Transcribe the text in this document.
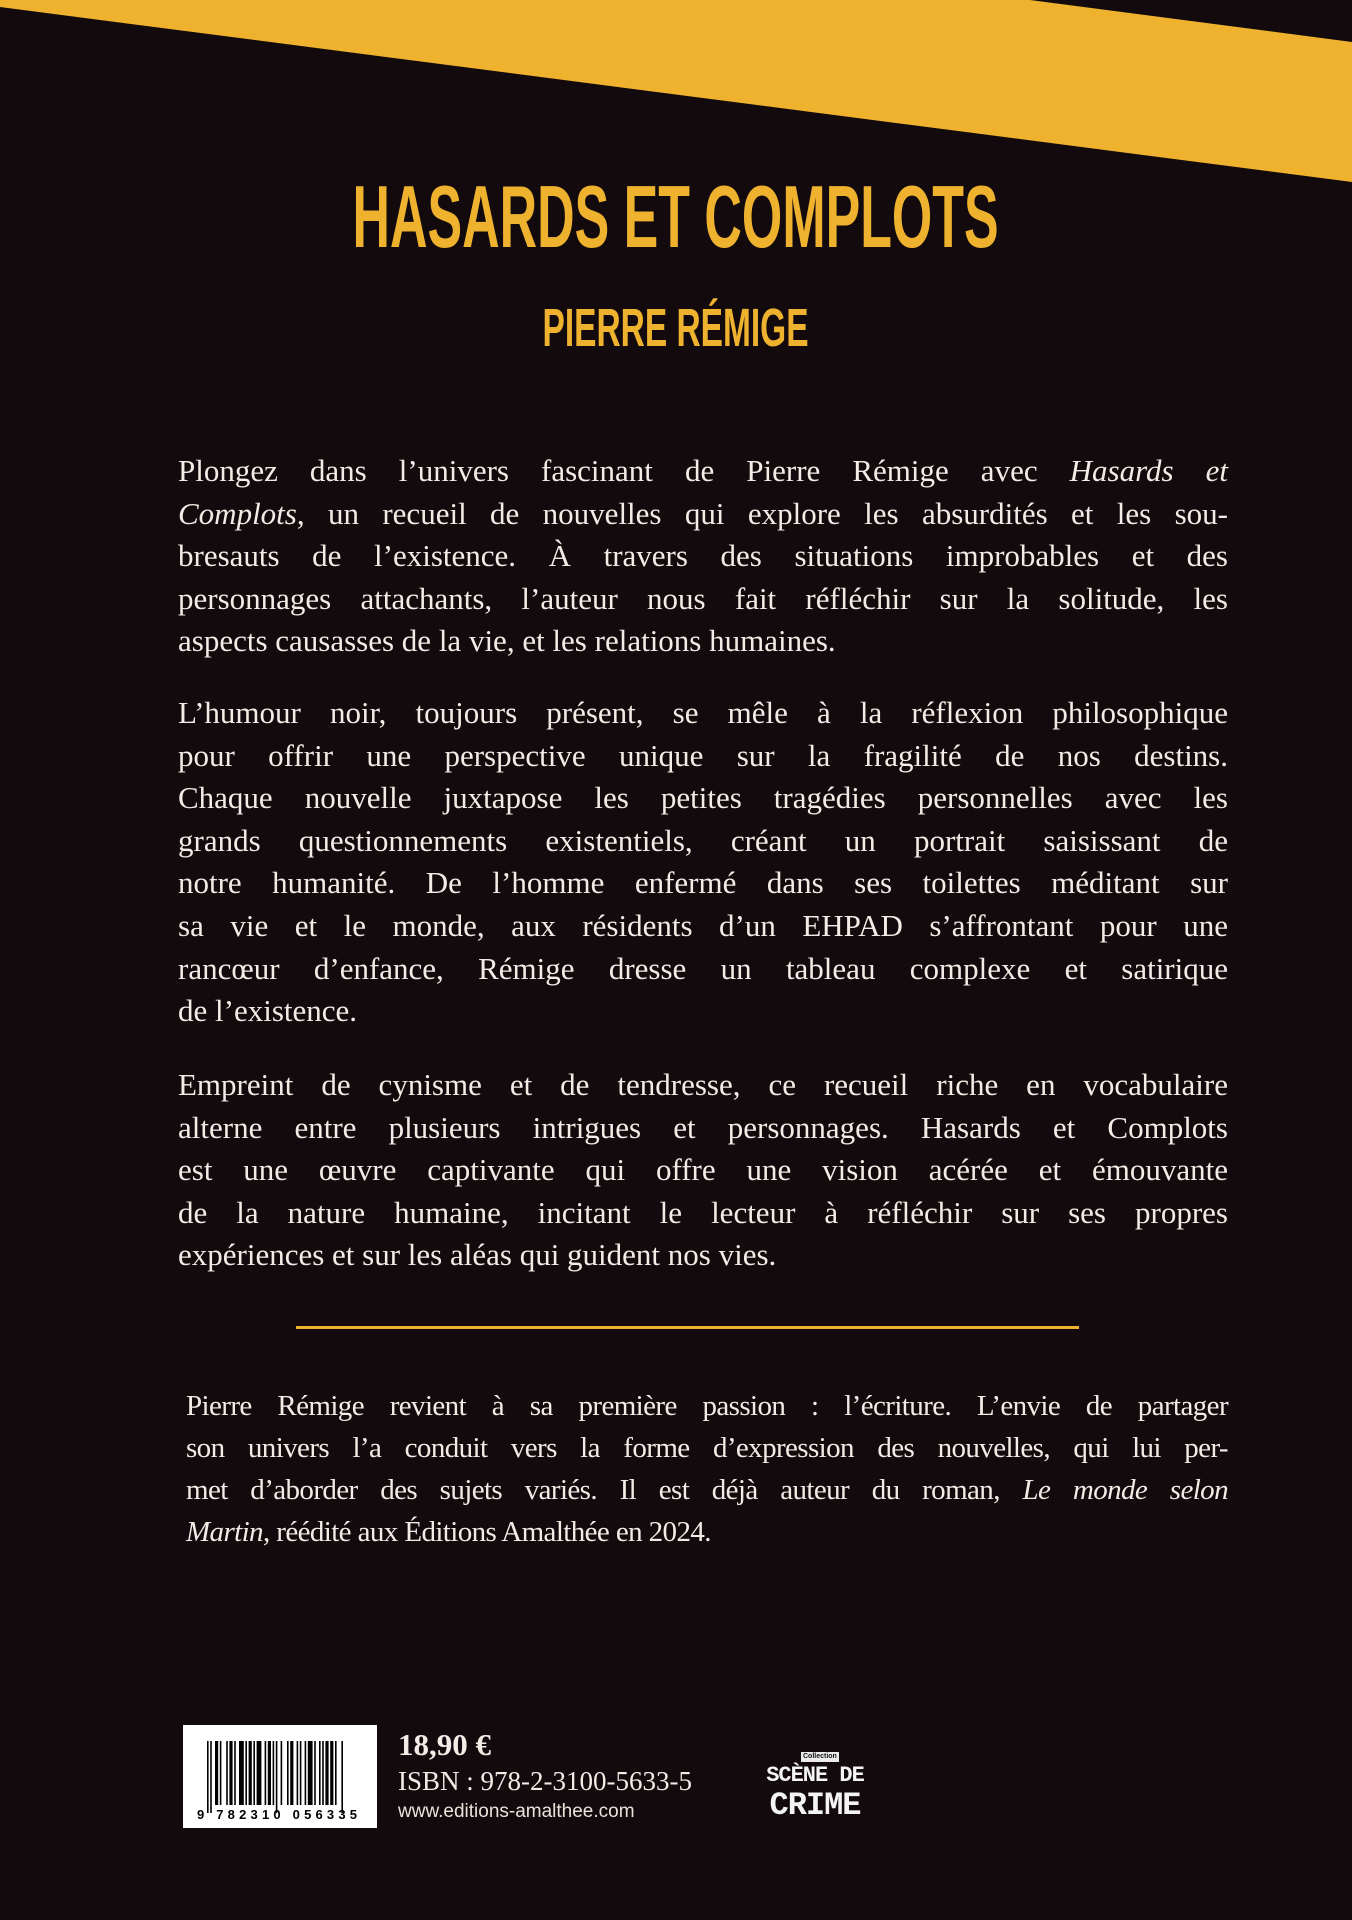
HASARDS ET COMPLOTS
PIERRE RÉMIGE
Plongez dans l’univers fascinant de Pierre Rémige avec Hasards et
Complots, un recueil de nouvelles qui explore les absurdités et les sou-
bresauts de l’existence. À travers des situations improbables et des
personnages attachants, l’auteur nous fait réfléchir sur la solitude, les
aspects causasses de la vie, et les relations humaines.
L’humour noir, toujours présent, se mêle à la réflexion philosophique
pour offrir une perspective unique sur la fragilité de nos destins.
Chaque nouvelle juxtapose les petites tragédies personnelles avec les
grands questionnements existentiels, créant un portrait saisissant de
notre humanité. De l’homme enfermé dans ses toilettes méditant sur
sa vie et le monde, aux résidents d’un EHPAD s’affrontant pour une
rancœur d’enfance, Rémige dresse un tableau complexe et satirique
de l’existence.
Empreint de cynisme et de tendresse, ce recueil riche en vocabulaire
alterne entre plusieurs intrigues et personnages. Hasards et Complots
est une œuvre captivante qui offre une vision acérée et émouvante
de la nature humaine, incitant le lecteur à réfléchir sur ses propres
expériences et sur les aléas qui guident nos vies.
Pierre Rémige revient à sa première passion : l’écriture. L’envie de partager
son univers l’a conduit vers la forme d’expression des nouvelles, qui lui per-
met d’aborder des sujets variés. Il est déjà auteur du roman, Le monde selon
Martin, réédité aux Éditions Amalthée en 2024.
9 782310 056335
18,90 €
ISBN : 978-2-3100-5633-5
www.editions-amalthee.com
Collection
SCÈNE DE
CRIME
